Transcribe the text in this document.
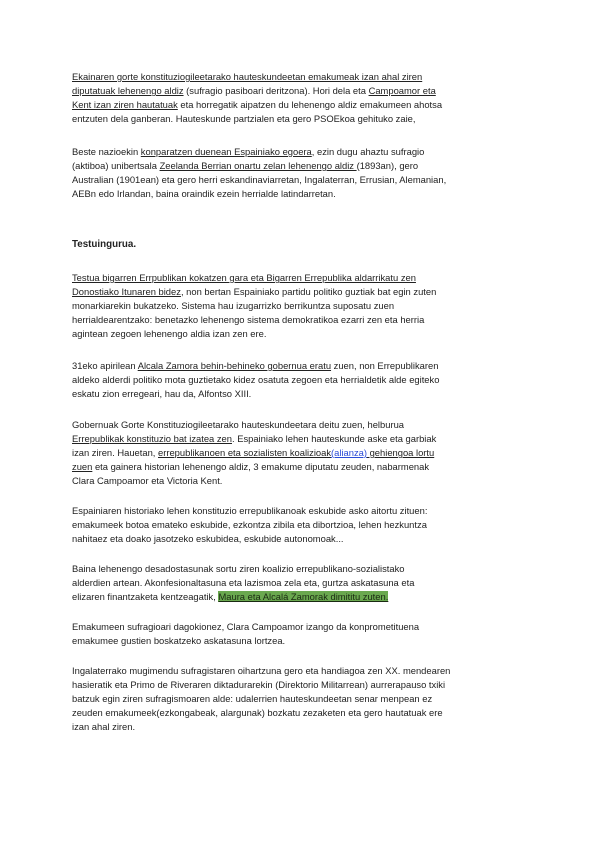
Ekainaren gorte konstituziogileetarako hauteskundeetan emakumeak izan ahal ziren
diputatuak lehenengo aldiz (sufragio pasiboari deritzona). Hori dela eta Campoamor eta
Kent izan ziren hautatuak eta horregatik aipatzen du lehenengo aldiz emakumeen ahotsa
entzuten dela ganberan. Hauteskunde partzialen eta gero PSOEkoa gehituko zaie,
Beste nazioekin konparatzen duenean Espainiako egoera, ezin dugu ahaztu sufragio
(aktiboa) unibertsala Zeelanda Berrian onartu zelan lehenengo aldiz (1893an), gero
Australian (1901ean) eta gero herri eskandinaviarretan, Ingalaterran, Errusian, Alemanian,
AEBn edo Irlandan, baina oraindik ezein herrialde latindarretan.
Testuingurua.
Testua bigarren Errpublikan kokatzen gara eta Bigarren Errepublika aldarrikatu zen
Donostiako Itunaren bidez, non bertan Espainiako partidu politiko guztiak bat egin zuten
monarkiarekin bukatzeko. Sistema hau izugarrizko berrikuntza suposatu zuen
herrialdearentzako: benetazko lehenengo sistema demokratikoa ezarri zen eta herria
agintean zegoen lehenengo aldia izan zen ere.
31eko apirilean Alcala Zamora behin-behineko gobernua eratu zuen, non Errepublikaren
aldeko alderdi politiko mota guztietako kidez osatuta zegoen eta herrialdetik alde egiteko
eskatu zion erregeari, hau da, Alfontso XIII.
Gobernuak Gorte Konstituziogileetarako hauteskundeetara deitu zuen, helburua
Errepublikak konstituzio bat izatea zen. Espainiako lehen hauteskunde aske eta garbiak
izan ziren. Hauetan, errepublikanoen eta sozialisten koalizioak(alianza) gehiengoa lortu
zuen eta gainera historian lehenengo aldiz, 3 emakume diputatu zeuden, nabarmenak
Clara Campoamor eta Victoria Kent.
Espainiaren historiako lehen konstituzio errepublikanoak eskubide asko aitortu zituen:
emakumeek botoa emateko eskubide, ezkontza zibila eta dibortzioa, lehen hezkuntza
nahitaez eta doako jasotzeko eskubidea, eskubide autonomoak...
Baina lehenengo desadostasunak sortu ziren koalizio errepublikano-sozialistako
alderdien artean. Akonfesionaltasuna eta lazismoa zela eta, gurtza askatasuna eta
elizaren finantzaketa kentzeagatik, Maura eta Alcalá Zamorak dimititu zuten.
Emakumeen sufragioari dagokionez, Clara Campoamor izango da konprometituena
emakumee gustien boskatzeko askatasuna lortzea.
Ingalaterrako mugimendu sufragistaren oihartzuna gero eta handiagoa zen XX. mendearen
hasieratik eta Primo de Riveraren diktadurarekin (Direktorio Militarrean) aurrerapauso txiki
batzuk egin ziren sufragismoaren alde: udalerrien hauteskundeetan senar menpean ez
zeuden emakumeek(ezkongabeak, alargunak) bozkatu zezaketen eta gero hautatuak ere
izan ahal ziren.
